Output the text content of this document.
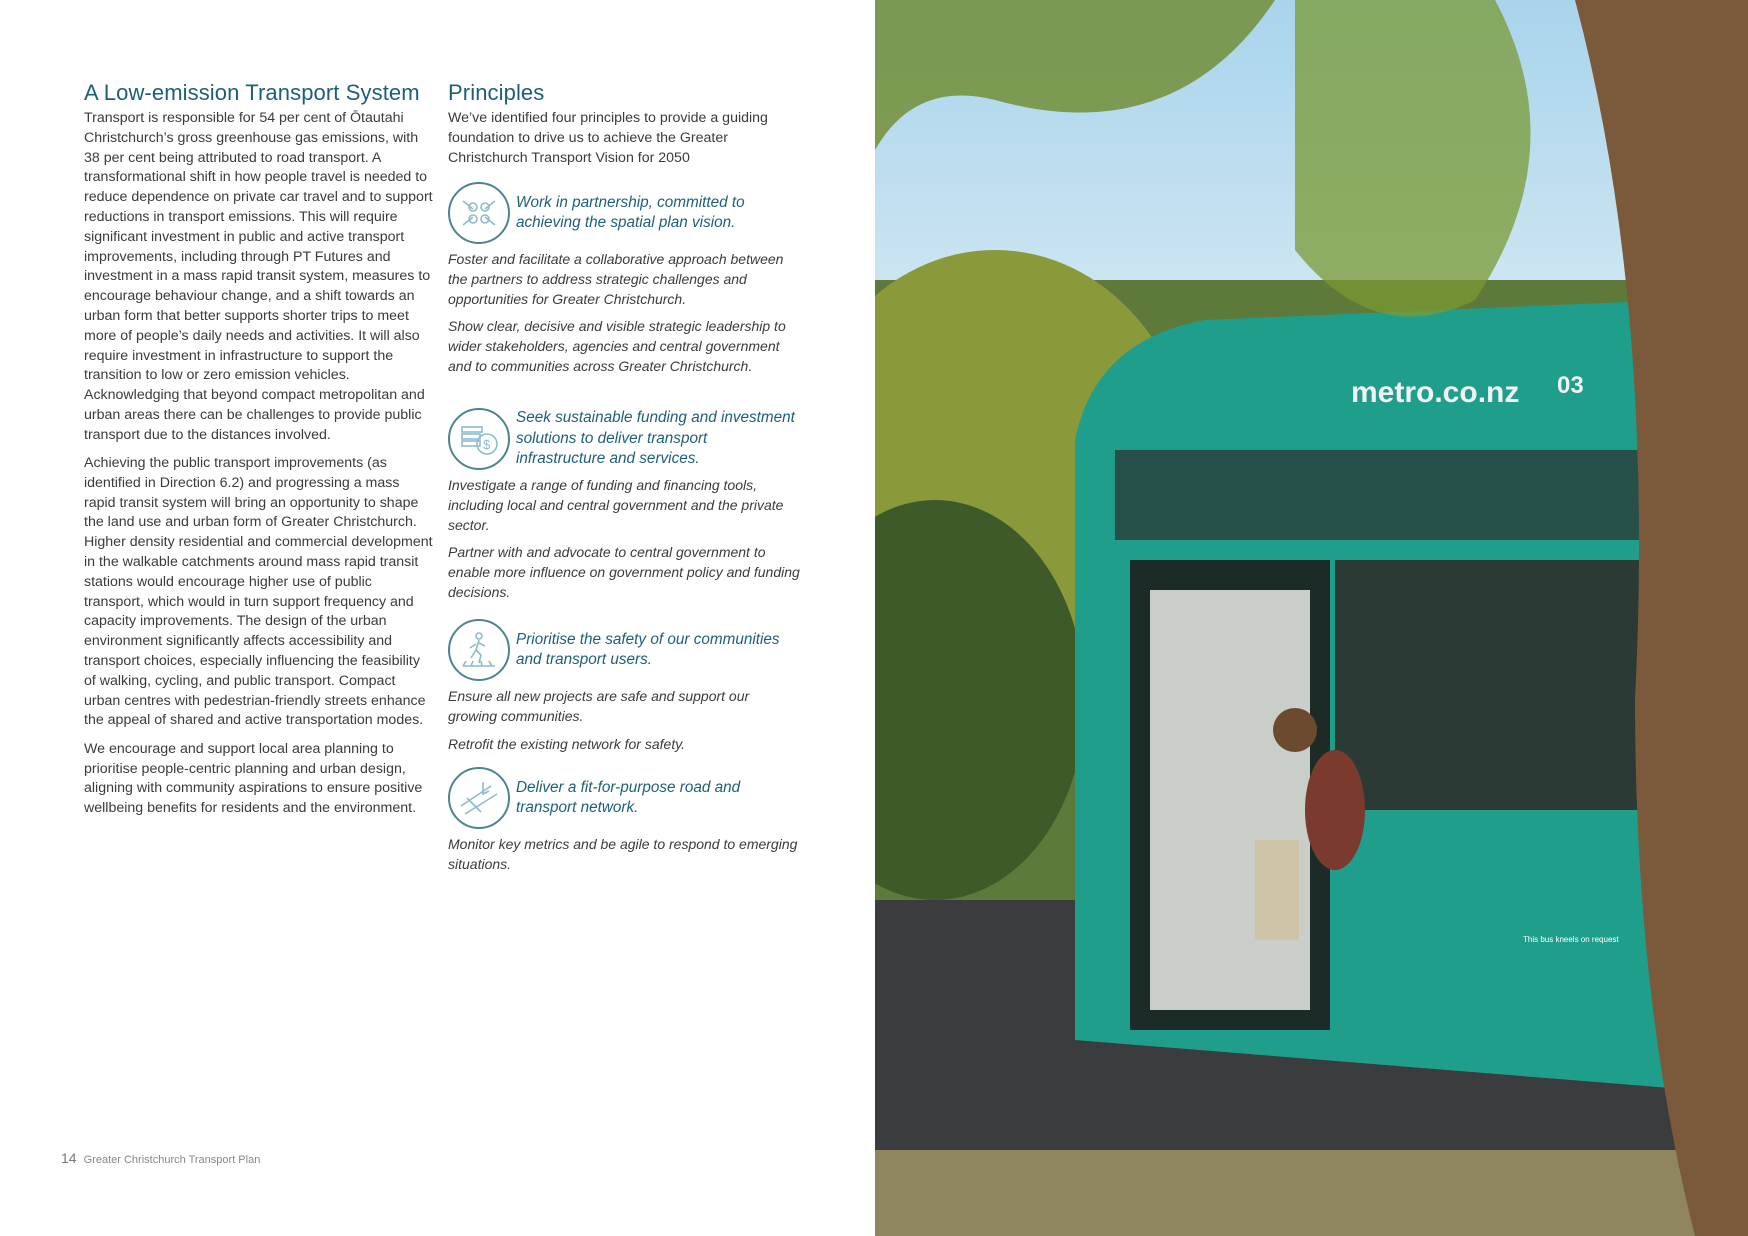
A Low-emission Transport System

Transport is responsible for 54 per cent of Ōtautahi Christchurch’s gross greenhouse gas emissions, with 38 per cent being attributed to road transport. A transformational shift in how people travel is needed to reduce dependence on private car travel and to support reductions in transport emissions. This will require significant investment in public and active transport improvements, including through PT Futures and investment in a mass rapid transit system, measures to encourage behaviour change, and a shift towards an urban form that better supports shorter trips to meet more of people’s daily needs and activities. It will also require investment in infrastructure to support the transition to low or zero emission vehicles. Acknowledging that beyond compact metropolitan and urban areas there can be challenges to provide public transport due to the distances involved.

Achieving the public transport improvements (as identified in Direction 6.2) and progressing a mass rapid transit system will bring an opportunity to shape the land use and urban form of Greater Christchurch. Higher density residential and commercial development in the walkable catchments around mass rapid transit stations would encourage higher use of public transport, which would in turn support frequency and capacity improvements. The design of the urban environment significantly affects accessibility and transport choices, especially influencing the feasibility of walking, cycling, and public transport. Compact urban centres with pedestrian-friendly streets enhance the appeal of shared and active transportation modes.

We encourage and support local area planning to prioritise people-centric planning and urban design, aligning with community aspirations to ensure positive wellbeing benefits for residents and the environment.

Principles
We’ve identified four principles to provide a guiding foundation to drive us to achieve the Greater Christchurch Transport Vision for 2050
Work in partnership, committed to achieving the spatial plan vision.

Foster and facilitate a collaborative approach between the partners to address strategic challenges and opportunities for Greater Christchurch.

Show clear, decisive and visible strategic leadership to wider stakeholders, agencies and central government and to communities across Greater Christchurch.

$
Seek sustainable funding and investment solutions to deliver transport infrastructure and services.

Investigate a range of funding and financing tools, including local and central government and the private sector.

Partner with and advocate to central government to enable more influence on government policy and funding decisions.

Prioritise the safety of our communities and transport users.

Ensure all new projects are safe and support our growing communities.

Retrofit the existing network for safety.

Deliver a fit-for-purpose road and transport network.

Monitor key metrics and be agile to respond to emerging situations.

14 Greater Christchurch Transport Plan
metro.co.nz 03
This bus kneels on request
